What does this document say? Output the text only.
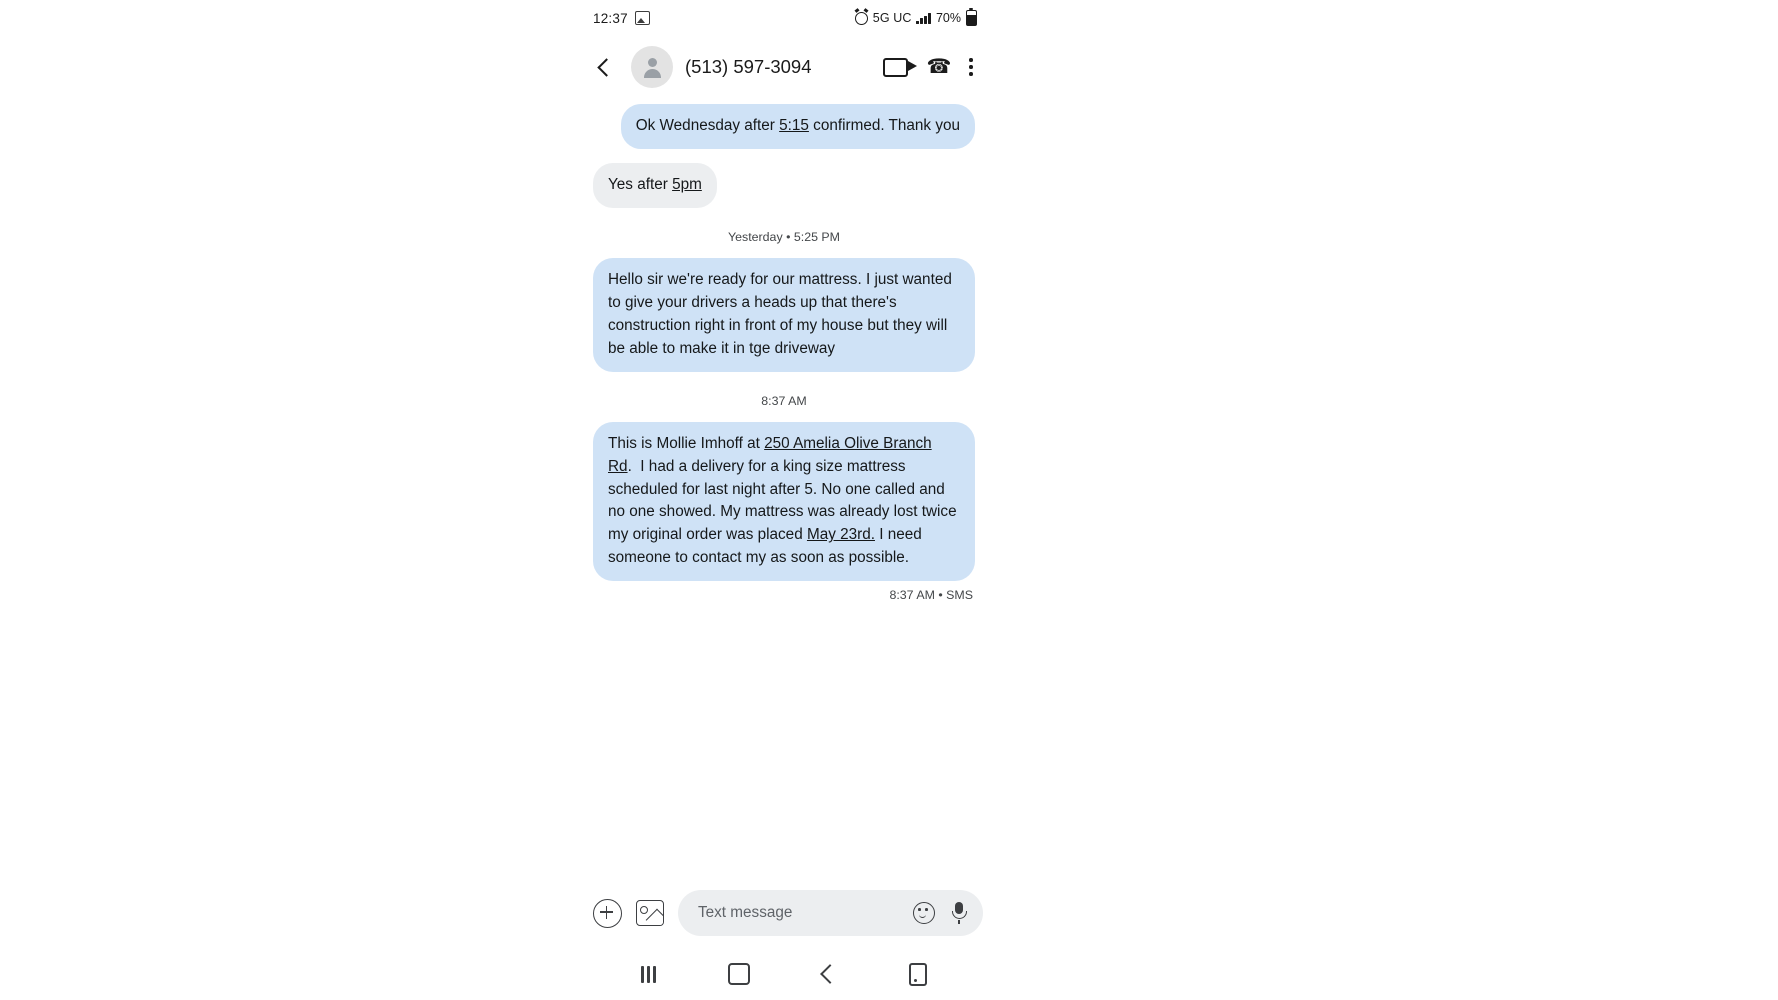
12:37	5G UC 70%
(513) 597-3094	☎
Ok Wednesday after 5:15 confirmed. Thank you
Yes after 5pm
Yesterday • 5:25 PM
Hello sir we're ready for our mattress. I just wanted to give your drivers a heads up that there's construction right in front of my house but they will be able to make it in tge driveway
8:37 AM
This is Mollie Imhoff at 250 Amelia Olive Branch Rd.  I had a delivery for a king size mattress scheduled for last night after 5. No one called and no one showed. My mattress was already lost twice my original order was placed May 23rd. I need someone to contact my as soon as possible.
8:37 AM • SMS
Text message
